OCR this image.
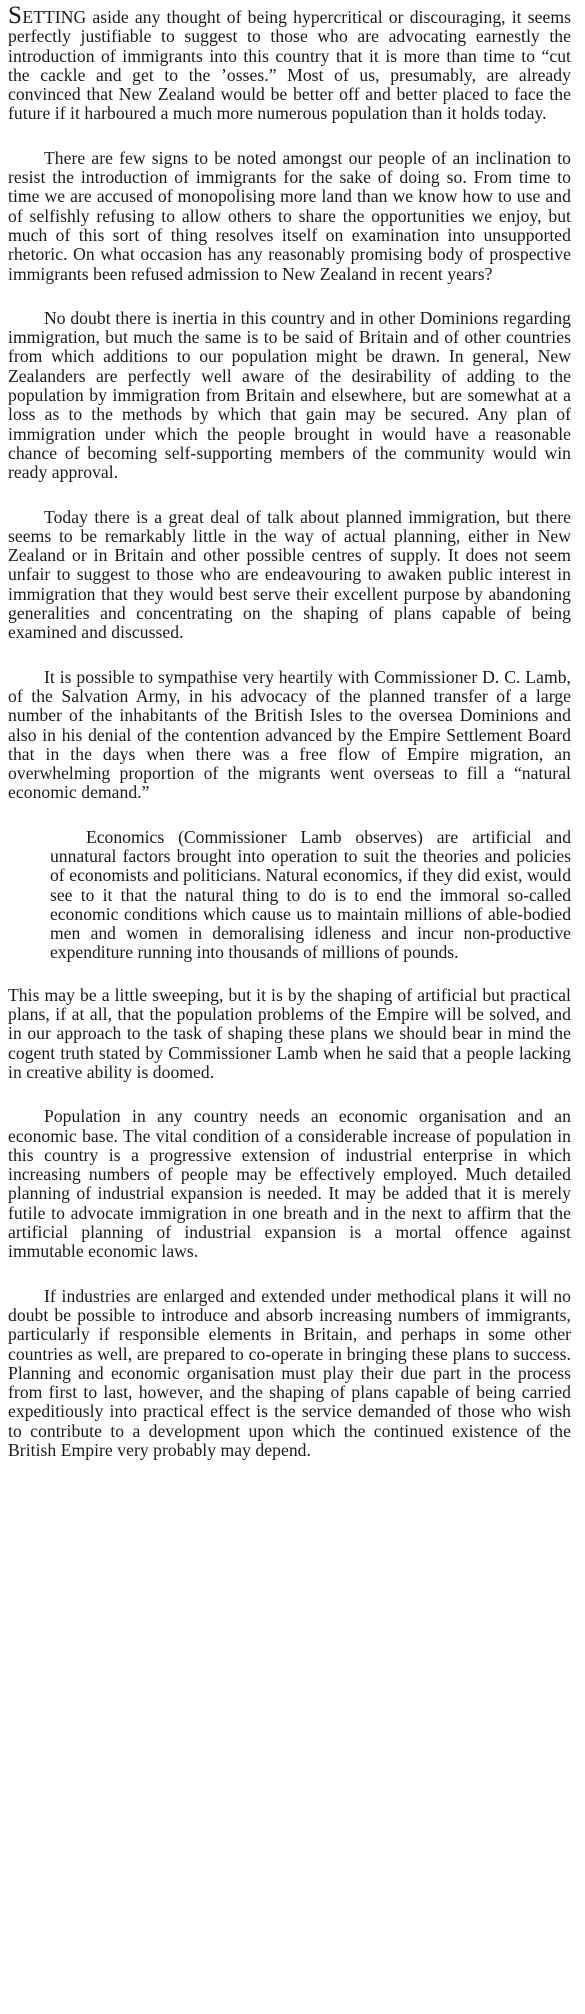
SETTING aside any thought of being hypercritical or discouraging, it seems perfectly justifiable to suggest to those who are advocating earnestly the introduction of immigrants into this country that it is more than time to “cut the cackle and get to the ’osses.” Most of us, presumably, are already convinced that New Zealand would be better off and better placed to face the future if it harboured a much more numerous population than it holds today.

There are few signs to be noted amongst our people of an inclination to resist the introduction of immigrants for the sake of doing so. From time to time we are accused of monopolising more land than we know how to use and of selfishly refusing to allow others to share the opportunities we enjoy, but much of this sort of thing resolves itself on examination into unsupported rhetoric. On what occasion has any reasonably promising body of prospective immigrants been refused admission to New Zealand in recent years?

No doubt there is inertia in this country and in other Dominions regarding immigration, but much the same is to be said of Britain and of other countries from which additions to our population might be drawn. In general, New Zealanders are perfectly well aware of the desirability of adding to the population by immigration from Britain and elsewhere, but are somewhat at a loss as to the methods by which that gain may be secured. Any plan of immigration under which the people brought in would have a reasonable chance of becoming self-supporting members of the community would win ready approval.

Today there is a great deal of talk about planned immigration, but there seems to be remarkably little in the way of actual planning, either in New Zealand or in Britain and other possible centres of supply. It does not seem unfair to suggest to those who are endeavouring to awaken public interest in immigration that they would best serve their excellent purpose by abandoning generalities and concentrating on the shaping of plans capable of being examined and discussed.

It is possible to sympathise very heartily with Commissioner D. C. Lamb, of the Salvation Army, in his advocacy of the planned transfer of a large number of the inhabitants of the British Isles to the oversea Dominions and also in his denial of the contention advanced by the Empire Settlement Board that in the days when there was a free flow of Empire migration, an overwhelming proportion of the migrants went overseas to fill a “natural economic demand.”

Economics (Commissioner Lamb observes) are artificial and unnatural factors brought into operation to suit the theories and policies of economists and politicians. Natural economics, if they did exist, would see to it that the natural thing to do is to end the immoral so-called economic conditions which cause us to maintain millions of able-bodied men and women in demoralising idleness and incur non-productive expenditure running into thousands of millions of pounds.

This may be a little sweeping, but it is by the shaping of artificial but practical plans, if at all, that the population problems of the Empire will be solved, and in our approach to the task of shaping these plans we should bear in mind the cogent truth stated by Commissioner Lamb when he said that a people lacking in creative ability is doomed.

Population in any country needs an economic organisation and an economic base. The vital condition of a considerable increase of population in this country is a progressive extension of industrial enterprise in which increasing numbers of people may be effectively employed. Much detailed planning of industrial expansion is needed. It may be added that it is merely futile to advocate immigration in one breath and in the next to affirm that the artificial planning of industrial expansion is a mortal offence against immutable economic laws.

If industries are enlarged and extended under methodical plans it will no doubt be possible to introduce and absorb increasing numbers of immigrants, particularly if responsible elements in Britain, and perhaps in some other countries as well, are prepared to co-operate in bringing these plans to success. Planning and economic organisation must play their due part in the process from first to last, however, and the shaping of plans capable of being carried expeditiously into practical effect is the service demanded of those who wish to contribute to a development upon which the continued existence of the British Empire very probably may depend.
